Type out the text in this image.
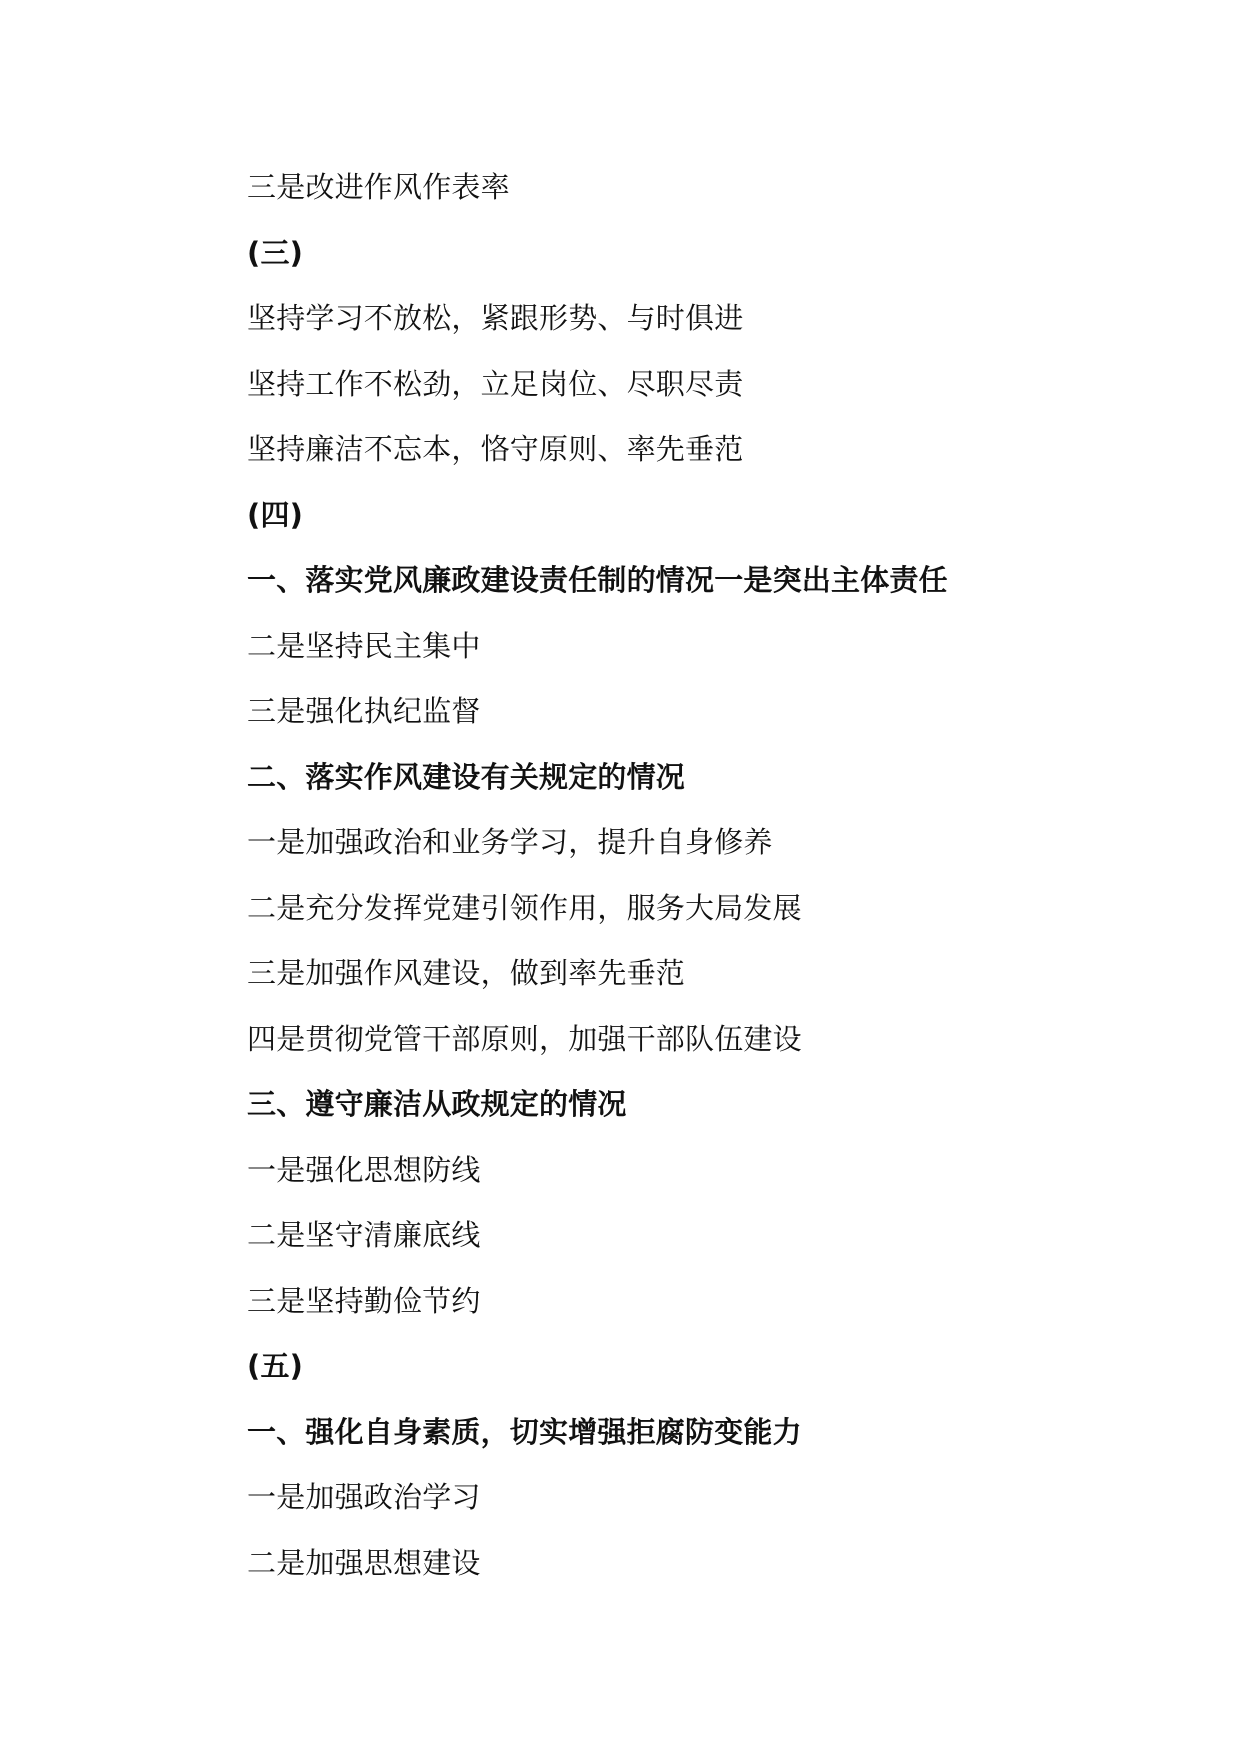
三是改进作风作表率
(三)
坚持学习不放松，紧跟形势、与时俱进
坚持工作不松劲，立足岗位、尽职尽责
坚持廉洁不忘本，恪守原则、率先垂范
(四)
一、落实党风廉政建设责任制的情况一是突出主体责任
二是坚持民主集中
三是强化执纪监督
二、落实作风建设有关规定的情况
一是加强政治和业务学习，提升自身修养
二是充分发挥党建引领作用，服务大局发展
三是加强作风建设，做到率先垂范
四是贯彻党管干部原则，加强干部队伍建设
三、遵守廉洁从政规定的情况
一是强化思想防线
二是坚守清廉底线
三是坚持勤俭节约
(五)
一、强化自身素质，切实增强拒腐防变能力
一是加强政治学习
二是加强思想建设
